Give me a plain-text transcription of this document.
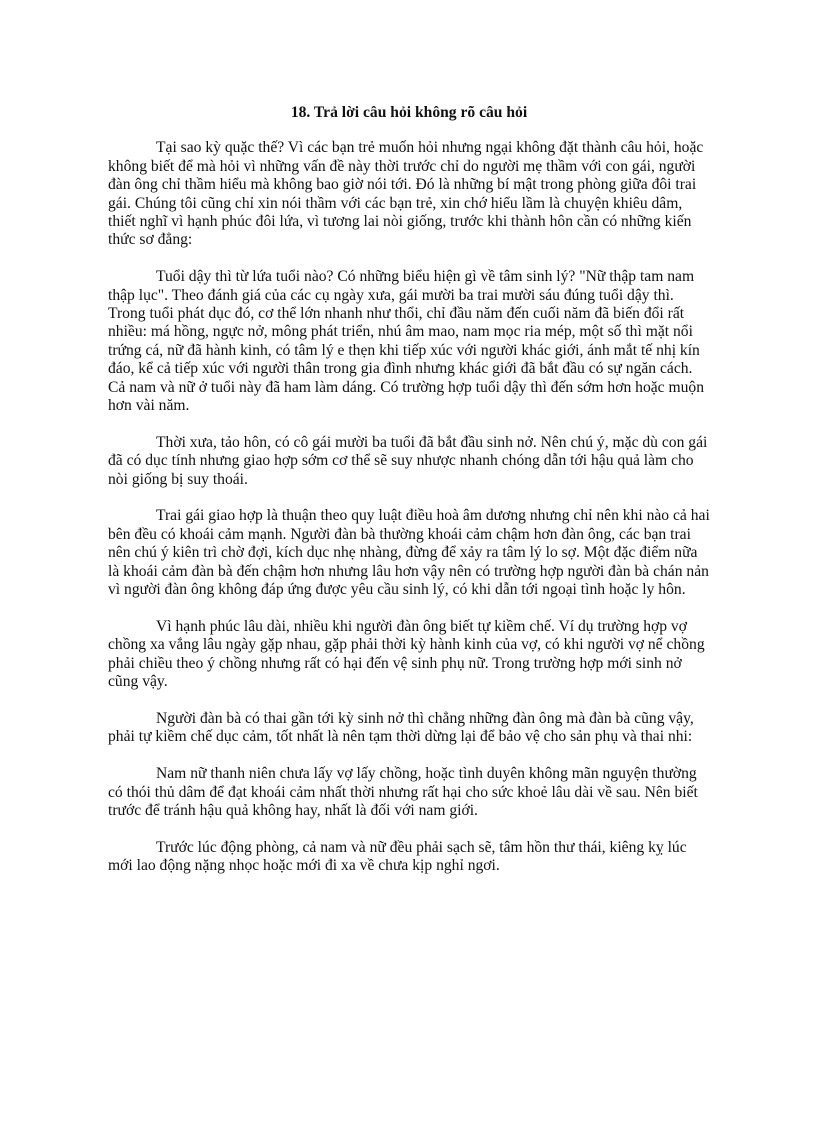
18. Trả lời câu hỏi không rõ câu hỏi

Tại sao kỳ quặc thế? Vì các bạn trẻ muốn hỏi nhưng ngại không đặt thành câu hỏi, hoặc không biết để mà hỏi vì những vấn đề này thời trước chỉ do người mẹ thầm với con gái, người đàn ông chỉ thầm hiểu mà không bao giờ nói tới. Đó là những bí mật trong phòng giữa đôi trai gái. Chúng tôi cũng chỉ xin nói thầm với các bạn trẻ, xin chớ hiểu lầm là chuyện khiêu dâm, thiết nghĩ vì hạnh phúc đôi lứa, vì tương lai nòi giống, trước khi thành hôn cần có những kiến thức sơ đẳng:

Tuổi dậy thì từ lứa tuổi nào? Có những biểu hiện gì về tâm sinh lý? "Nữ thập tam nam thập lục". Theo đánh giá của các cụ ngày xưa, gái mười ba trai mười sáu đúng tuổi dậy thì. Trong tuổi phát dục đó, cơ thể lớn nhanh như thổi, chỉ đầu năm đến cuối năm đã biến đổi rất nhiều: má hồng, ngực nở, mông phát triển, nhú âm mao, nam mọc ria mép, một số thì mặt nổi trứng cá, nữ đã hành kinh, có tâm lý e thẹn khi tiếp xúc với người khác giới, ánh mắt tế nhị kín đáo, kể cả tiếp xúc với người thân trong gia đình nhưng khác giới đã bắt đầu có sự ngăn cách. Cả nam và nữ ở tuổi này đã ham làm dáng. Có trường hợp tuổi dậy thì đến sớm hơn hoặc muộn hơn vài năm.

Thời xưa, tảo hôn, có cô gái mười ba tuổi đã bắt đầu sinh nở. Nên chú ý, mặc dù con gái đã có dục tính nhưng giao hợp sớm cơ thể sẽ suy nhược nhanh chóng dẫn tới hậu quả làm cho nòi giống bị suy thoái.

Trai gái giao hợp là thuận theo quy luật điều hoà âm dương nhưng chỉ nên khi nào cả hai bên đều có khoái cảm mạnh. Người đàn bà thường khoái cảm chậm hơn đàn ông, các bạn trai nên chú ý kiên trì chờ đợi, kích dục nhẹ nhàng, đừng để xảy ra tâm lý lo sợ. Một đặc điểm nữa là khoái cảm đàn bà đến chậm hơn nhưng lâu hơn vậy nên có trường hợp người đàn bà chán nản vì người đàn ông không đáp ứng được yêu cầu sinh lý, có khi dẫn tới ngoại tình hoặc ly hôn.

Vì hạnh phúc lâu dài, nhiều khi người đàn ông biết tự kiềm chế. Ví dụ trường hợp vợ chồng xa vắng lâu ngày gặp nhau, gặp phải thời kỳ hành kinh của vợ, có khi người vợ nể chồng phải chiều theo ý chồng nhưng rất có hại đến vệ sinh phụ nữ. Trong trường hợp mới sinh nở cũng vậy.

Người đàn bà có thai gần tới kỳ sinh nở thì chẳng những đàn ông mà đàn bà cũng vậy, phải tự kiềm chế dục cảm, tốt nhất là nên tạm thời dừng lại để bảo vệ cho sản phụ và thai nhi:

Nam nữ thanh niên chưa lấy vợ lấy chồng, hoặc tình duyên không mãn nguyện thường có thói thủ dâm để đạt khoái cảm nhất thời nhưng rất hại cho sức khoẻ lâu dài về sau. Nên biết trước để tránh hậu quả không hay, nhất là đối với nam giới.

Trước lúc động phòng, cả nam và nữ đều phải sạch sẽ, tâm hồn thư thái, kiêng kỵ lúc mới lao động nặng nhọc hoặc mới đi xa về chưa kịp nghỉ ngơi.
